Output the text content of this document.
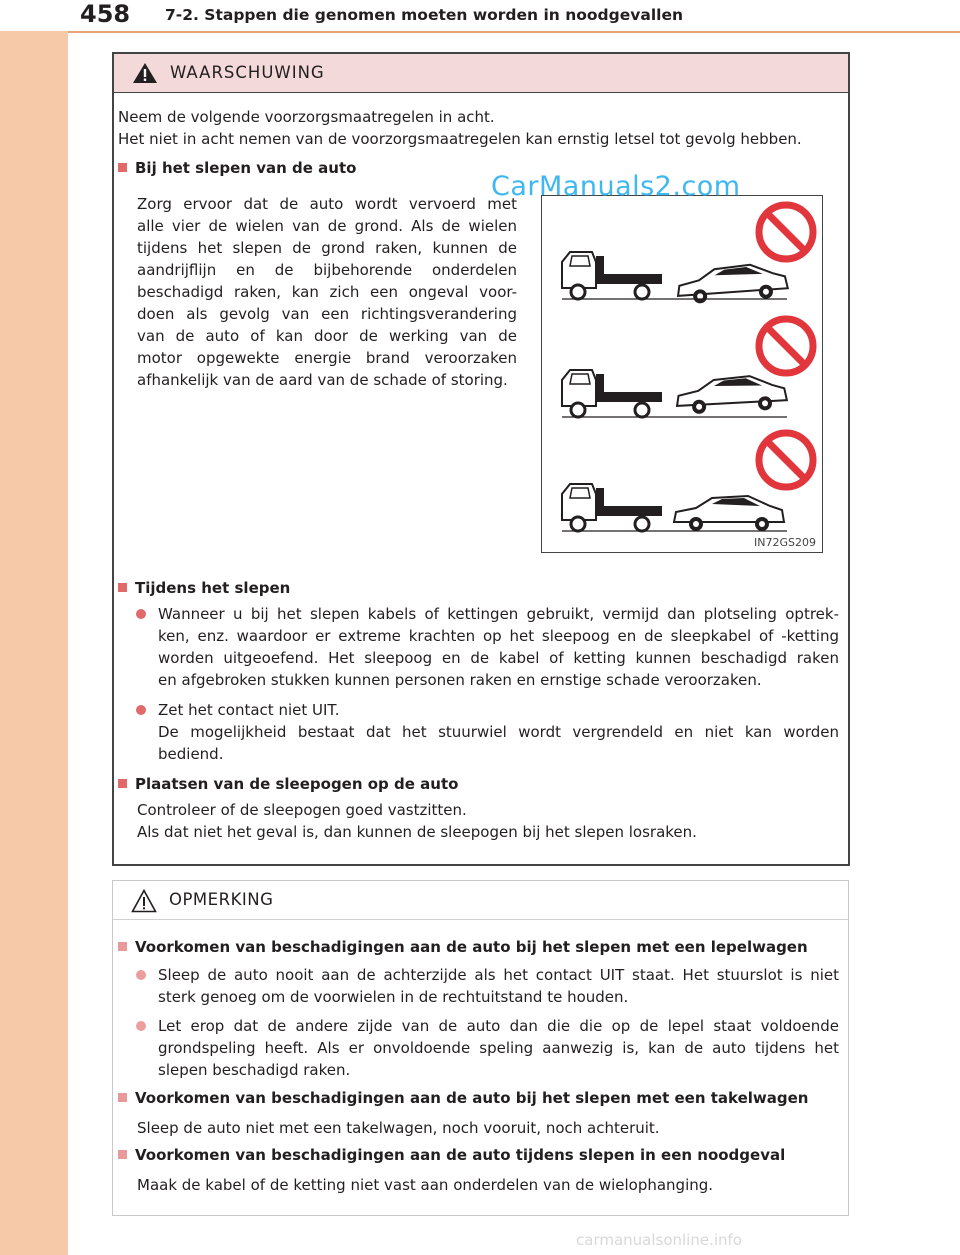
458 7-2. Stappen die genomen moeten worden in noodgevallen
WAARSCHUWING

Neem de volgende voorzorgsmaatregelen in acht.

Het niet in acht nemen van de voorzorgsmaatregelen kan ernstig letsel tot gevolg hebben.

Bij het slepen van de auto

Zorg ervoor dat de auto wordt vervoerd met

alle vier de wielen van de grond. Als de wielen

tijdens het slepen de grond raken, kunnen de

aandrijflijn en de bijbehorende onderdelen

beschadigd raken, kan zich een ongeval voor-

doen als gevolg van een richtingsverandering

van de auto of kan door de werking van de

motor opgewekte energie brand veroorzaken

afhankelijk van de aard van de schade of storing.

IN72GS209
CarManuals2.com
Tijdens het slepen

Wanneer u bij het slepen kabels of kettingen gebruikt, vermijd dan plotseling optrek-

ken, enz. waardoor er extreme krachten op het sleepoog en de sleepkabel of -ketting

worden uitgeoefend. Het sleepoog en de kabel of ketting kunnen beschadigd raken

en afgebroken stukken kunnen personen raken en ernstige schade veroorzaken.

Zet het contact niet UIT.

De mogelijkheid bestaat dat het stuurwiel wordt vergrendeld en niet kan worden

bediend.

Plaatsen van de sleepogen op de auto

Controleer of de sleepogen goed vastzitten.

Als dat niet het geval is, dan kunnen de sleepogen bij het slepen losraken.

OPMERKING
Voorkomen van beschadigingen aan de auto bij het slepen met een lepelwagen

Sleep de auto nooit aan de achterzijde als het contact UIT staat. Het stuurslot is niet

sterk genoeg om de voorwielen in de rechtuitstand te houden.

Let erop dat de andere zijde van de auto dan die die op de lepel staat voldoende

grondspeling heeft. Als er onvoldoende speling aanwezig is, kan de auto tijdens het

slepen beschadigd raken.

Voorkomen van beschadigingen aan de auto bij het slepen met een takelwagen
Sleep de auto niet met een takelwagen, noch vooruit, noch achteruit.
Voorkomen van beschadigingen aan de auto tijdens slepen in een noodgeval
Maak de kabel of de ketting niet vast aan onderdelen van de wielophanging.
carmanualsonline.info
